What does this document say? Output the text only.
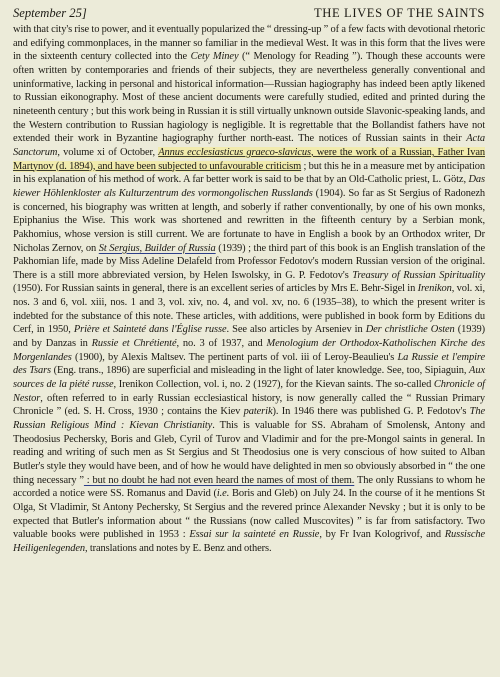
September 25]	THE LIVES OF THE SAINTS

with that city's rise to power, and it eventually popularized the “ dressing-up ” of a few facts with devotional rhetoric and edifying commonplaces, in the manner so familiar in the medieval West. It was in this form that the lives were in the sixteenth century collected into the Cety Miney (“ Menology for Reading ”). Though these accounts were often written by contemporaries and friends of their subjects, they are nevertheless generally conventional and uninformative, lacking in personal and historical information—Russian hagiography has indeed been aptly likened to Russian eikonography. Most of these ancient documents were carefully studied, edited and printed during the nineteenth century ; but this work being in Russian it is still virtually unknown outside Slavonic-speaking lands, and the Western contribution to Russian hagiology is negligible. It is regrettable that the Bollandist fathers have not extended their work in Byzantine hagiography further north-east. The notices of Russian saints in their Acta Sanctorum, volume xi of October, Annus ecclesiasticus graeco-slavicus, were the work of a Russian, Father Ivan Martynov (d. 1894), and have been subjected to unfavourable criticism ; but this he in a measure met by anticipation in his explanation of his method of work. A far better work is said to be that by an Old-Catholic priest, L. Götz, Das kiewer Höhlenkloster als Kulturzentrum des vormongolischen Russlands (1904). So far as St Sergius of Radonezh is concerned, his biography was written at length, and soberly if rather conventionally, by one of his own monks, Epiphanius the Wise. This work was shortened and rewritten in the fifteenth century by a Serbian monk, Pakhomius, whose version is still current. We are fortunate to have in English a book by an Orthodox writer, Dr Nicholas Zernov, on St Sergius, Builder of Russia (1939) ; the third part of this book is an English translation of the Pakhomian life, made by Miss Adeline Delafeld from Professor Fedotov's modern Russian version of the original. There is a still more abbreviated version, by Helen Iswolsky, in G. P. Fedotov's Treasury of Russian Spirituality (1950). For Russian saints in general, there is an excellent series of articles by Mrs E. Behr-Sigel in Irenikon, vol. xi, nos. 3 and 6, vol. xiii, nos. 1 and 3, vol. xiv, no. 4, and vol. xv, no. 6 (1935–38), to which the present writer is indebted for the substance of this note. These articles, with additions, were published in book form by Editions du Cerf, in 1950, Prière et Sainteté dans l'Église russe. See also articles by Arseniev in Der christliche Osten (1939) and by Danzas in Russie et Chrétienté, no. 3 of 1937, and Menologium der Orthodox-Katholischen Kirche des Morgenlandes (1900), by Alexis Maltsev. The pertinent parts of vol. iii of Leroy-Beaulieu's La Russie et l'empire des Tsars (Eng. trans., 1896) are superficial and misleading in the light of later knowledge. See, too, Sipiaguin, Aux sources de la piété russe, Irenikon Collection, vol. i, no. 2 (1927), for the Kievan saints. The so-called Chronicle of Nestor, often referred to in early Russian ecclesiastical history, is now generally called the “ Russian Primary Chronicle ” (ed. S. H. Cross, 1930 ; contains the Kiev paterik). In 1946 there was published G. P. Fedotov's The Russian Religious Mind : Kievan Christianity. This is valuable for SS. Abraham of Smolensk, Antony and Theodosius Pechersky, Boris and Gleb, Cyril of Turov and Vladimir and for the pre-Mongol saints in general. In reading and writing of such men as St Sergius and St Theodosius one is very conscious of how suited to Alban Butler's style they would have been, and of how he would have delighted in men so obviously absorbed in “ the one thing necessary ” : but no doubt he had not even heard the names of most of them. The only Russians to whom he accorded a notice were SS. Romanus and David (i.e. Boris and Gleb) on July 24. In the course of it he mentions St Olga, St Vladimir, St Antony Pechersky, St Sergius and the revered prince Alexander Nevsky ; but it is only to be expected that Butler's information about “ the Russians (now called Muscovites) ” is far from satisfactory. Two valuable books were published in 1953 : Essai sur la sainteté en Russie, by Fr Ivan Kologrivof, and Russische Heiligenlegenden, translations and notes by E. Benz and others.
